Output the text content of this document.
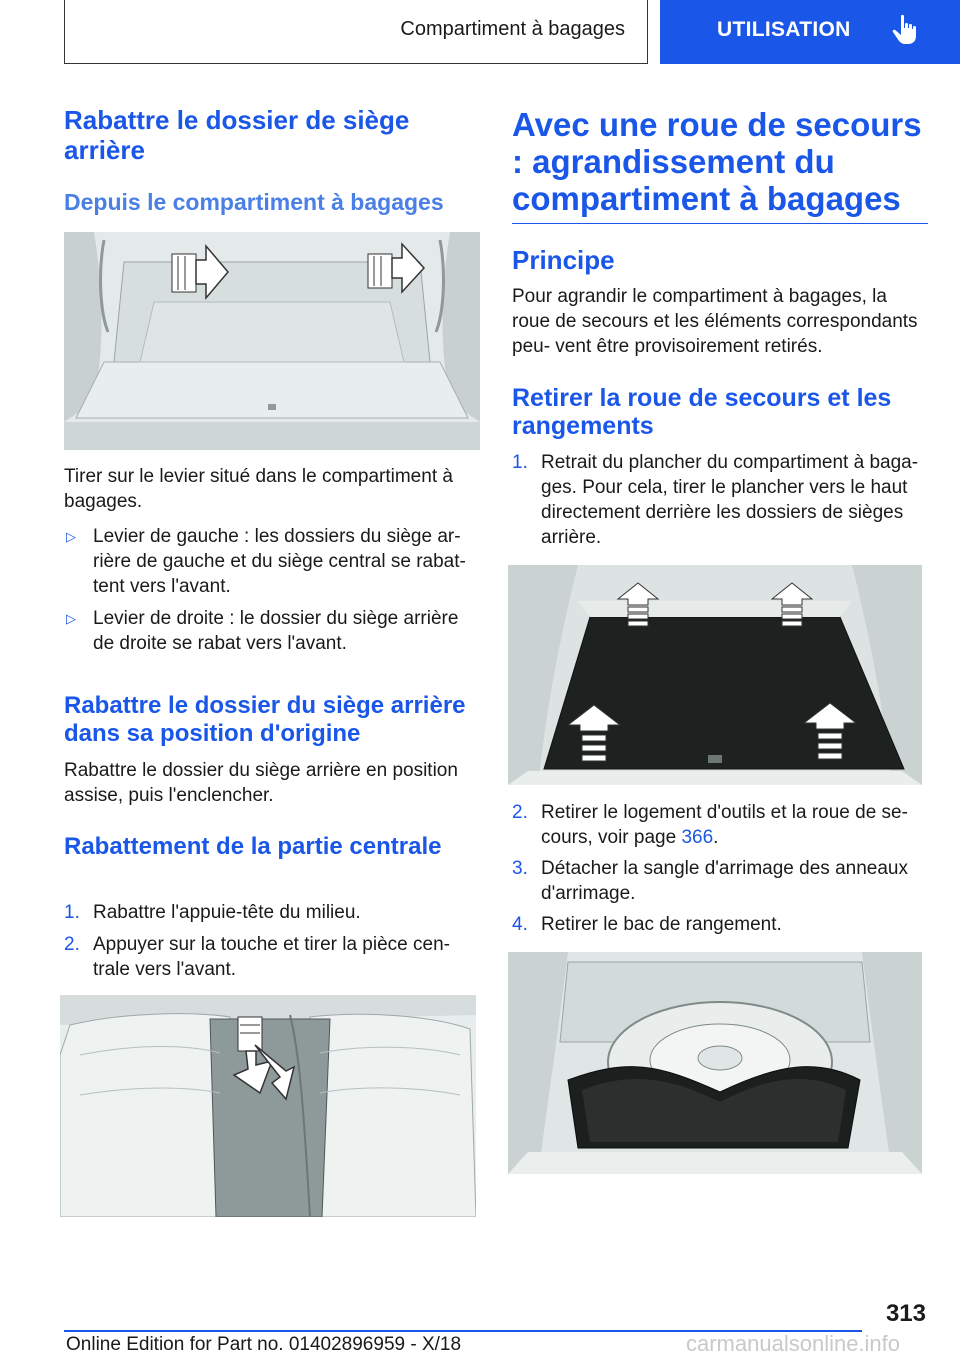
Compartiment à bagages	UTILISATION
Rabattre le dossier de siège arrière
Depuis le compartiment à bagages

Tirer sur le levier situé dans le compartiment à bagages.

▷ Levier de gauche : les dossiers du siège ar‐ rière de gauche et du siège central se rabat‐ tent vers l'avant.
▷ Levier de droite : le dossier du siège arrière de droite se rabat vers l'avant.
Rabattre le dossier du siège arrière dans sa position d'origine

Rabattre le dossier du siège arrière en position assise, puis l'enclencher.

Rabattement de la partie centrale
1. Rabattre l'appuie-tête du milieu.
2. Appuyer sur la touche et tirer la pièce cen‐ trale vers l'avant.
Avec une roue de secours : agrandissement du compartiment à bagages
Principe

Pour agrandir le compartiment à bagages, la roue de secours et les éléments correspondants peu‐ vent être provisoirement retirés.

Retirer la roue de secours et les rangements
1. Retrait du plancher du compartiment à baga‐ ges. Pour cela, tirer le plancher vers le haut directement derrière les dossiers de sièges arrière.
2. Retirer le logement d'outils et la roue de se‐ cours, voir page 366.
3. Détacher la sangle d'arrimage des anneaux d'arrimage.
4. Retirer le bac de rangement.
313
Online Edition for Part no. 01402896959 - X/18	carmanualsonline.info
